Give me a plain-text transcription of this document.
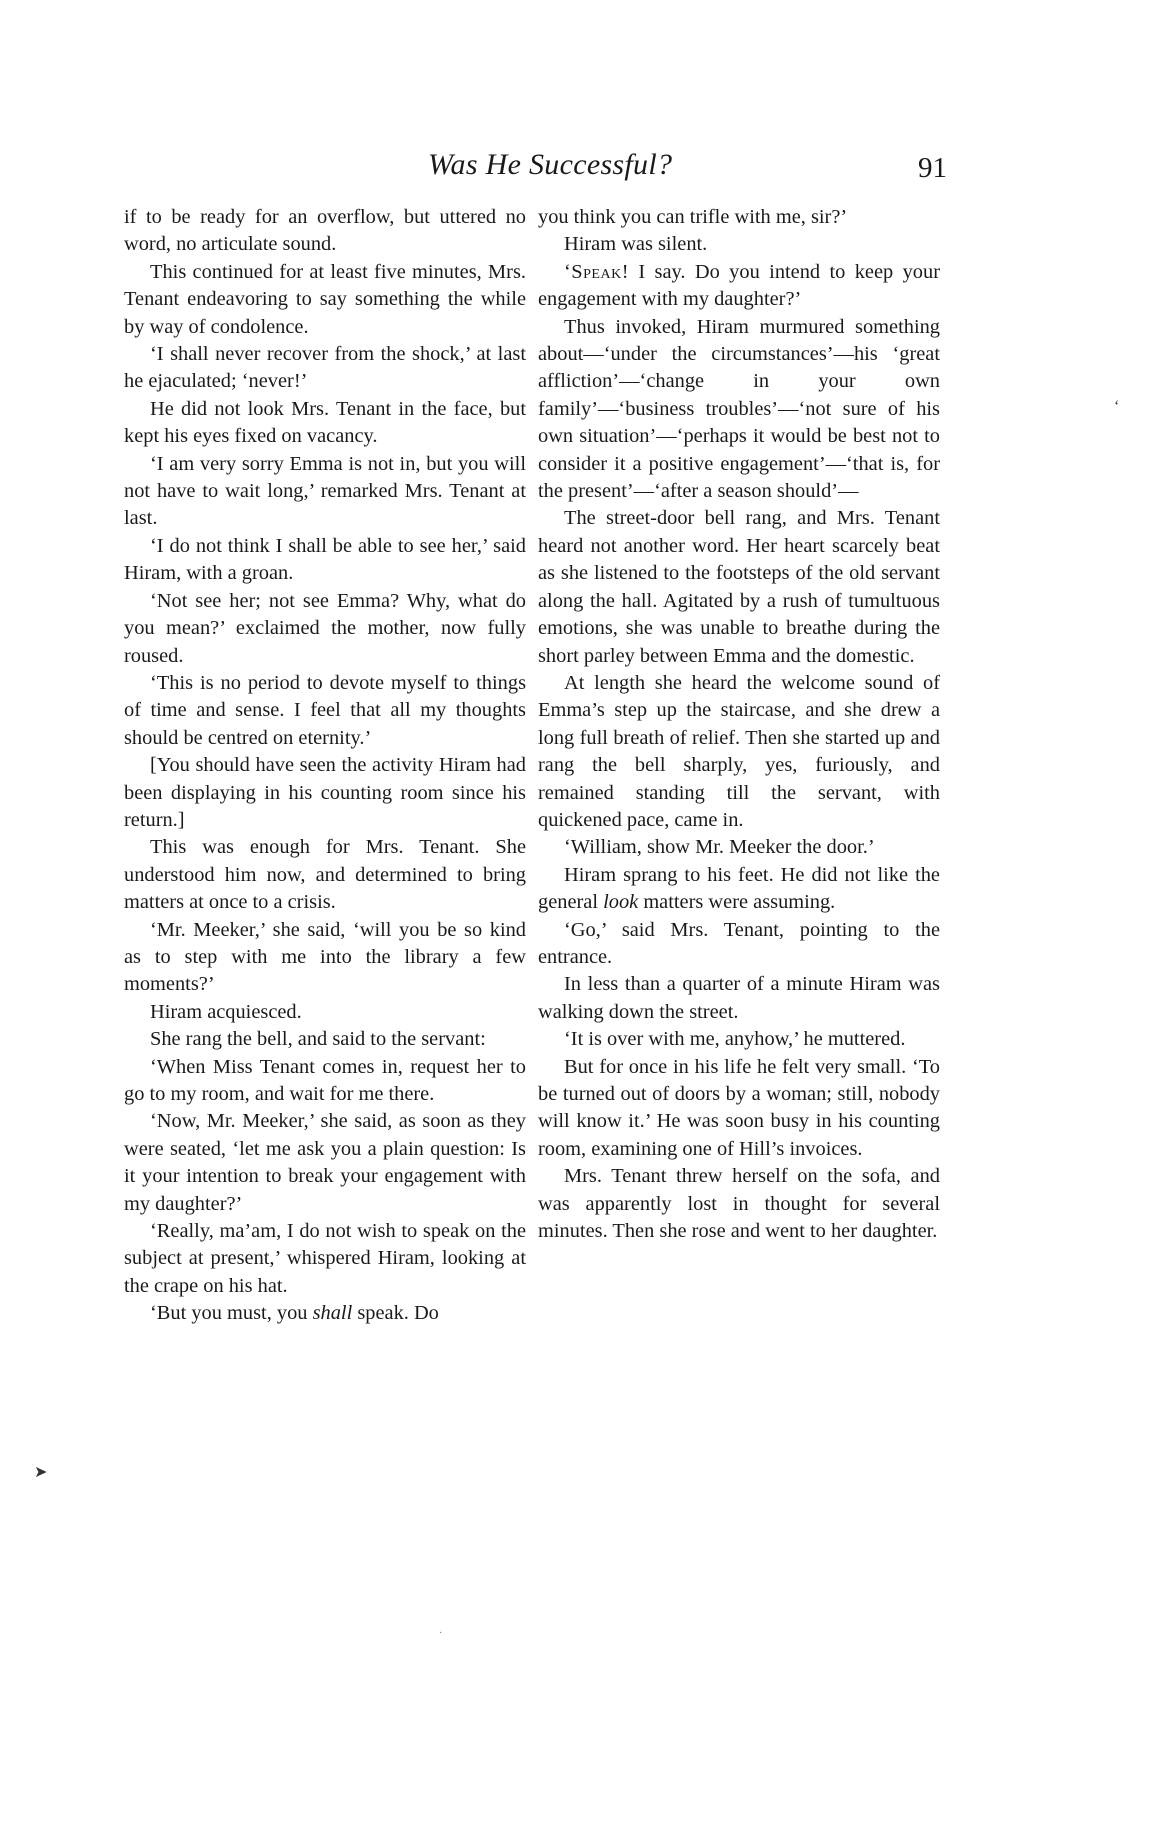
Was He Successful?	91

if to be ready for an overflow, but uttered no word, no articulate sound.

This continued for at least five minutes, Mrs. Tenant endeavoring to say something the while by way of condolence.

‘I shall never recover from the shock,’ at last he ejaculated; ‘never!’

He did not look Mrs. Tenant in the face, but kept his eyes fixed on vacancy.

‘I am very sorry Emma is not in, but you will not have to wait long,’ remarked Mrs. Tenant at last.

‘I do not think I shall be able to see her,’ said Hiram, with a groan.

‘Not see her; not see Emma? Why, what do you mean?’ exclaimed the mother, now fully roused.

‘This is no period to devote myself to things of time and sense. I feel that all my thoughts should be centred on eternity.’

[You should have seen the activity Hiram had been displaying in his counting room since his return.]

This was enough for Mrs. Tenant. She understood him now, and determined to bring matters at once to a crisis.

‘Mr. Meeker,’ she said, ‘will you be so kind as to step with me into the library a few moments?’

Hiram acquiesced.

She rang the bell, and said to the servant:

‘When Miss Tenant comes in, request her to go to my room, and wait for me there.

‘Now, Mr. Meeker,’ she said, as soon as they were seated, ‘let me ask you a plain question: Is it your intention to break your engagement with my daughter?’

‘Really, ma’am, I do not wish to speak on the subject at present,’ whispered Hiram, looking at the crape on his hat.

‘But you must, you shall speak. Do

you think you can trifle with me, sir?’

Hiram was silent.

‘Speak! I say. Do you intend to keep your engagement with my daughter?’

Thus invoked, Hiram murmured something about—‘under the circumstances’—his ‘great affliction’—‘change in your own family’—‘business troubles’—‘not sure of his own situation’—‘perhaps it would be best not to consider it a positive engagement’—‘that is, for the present’—‘after a season should’—

The street-door bell rang, and Mrs. Tenant heard not another word. Her heart scarcely beat as she listened to the footsteps of the old servant along the hall. Agitated by a rush of tumultuous emotions, she was unable to breathe during the short parley between Emma and the domestic.

At length she heard the welcome sound of Emma’s step up the staircase, and she drew a long full breath of relief. Then she started up and rang the bell sharply, yes, furiously, and remained standing till the servant, with quickened pace, came in.

‘William, show Mr. Meeker the door.’

Hiram sprang to his feet. He did not like the general look matters were assuming.

‘Go,’ said Mrs. Tenant, pointing to the entrance.

In less than a quarter of a minute Hiram was walking down the street.

‘It is over with me, anyhow,’ he muttered.

But for once in his life he felt very small. ‘To be turned out of doors by a woman; still, nobody will know it.’ He was soon busy in his counting room, examining one of Hill’s invoices.

Mrs. Tenant threw herself on the sofa, and was apparently lost in thought for several minutes. Then she rose and went to her daughter.

‘
➤
·
